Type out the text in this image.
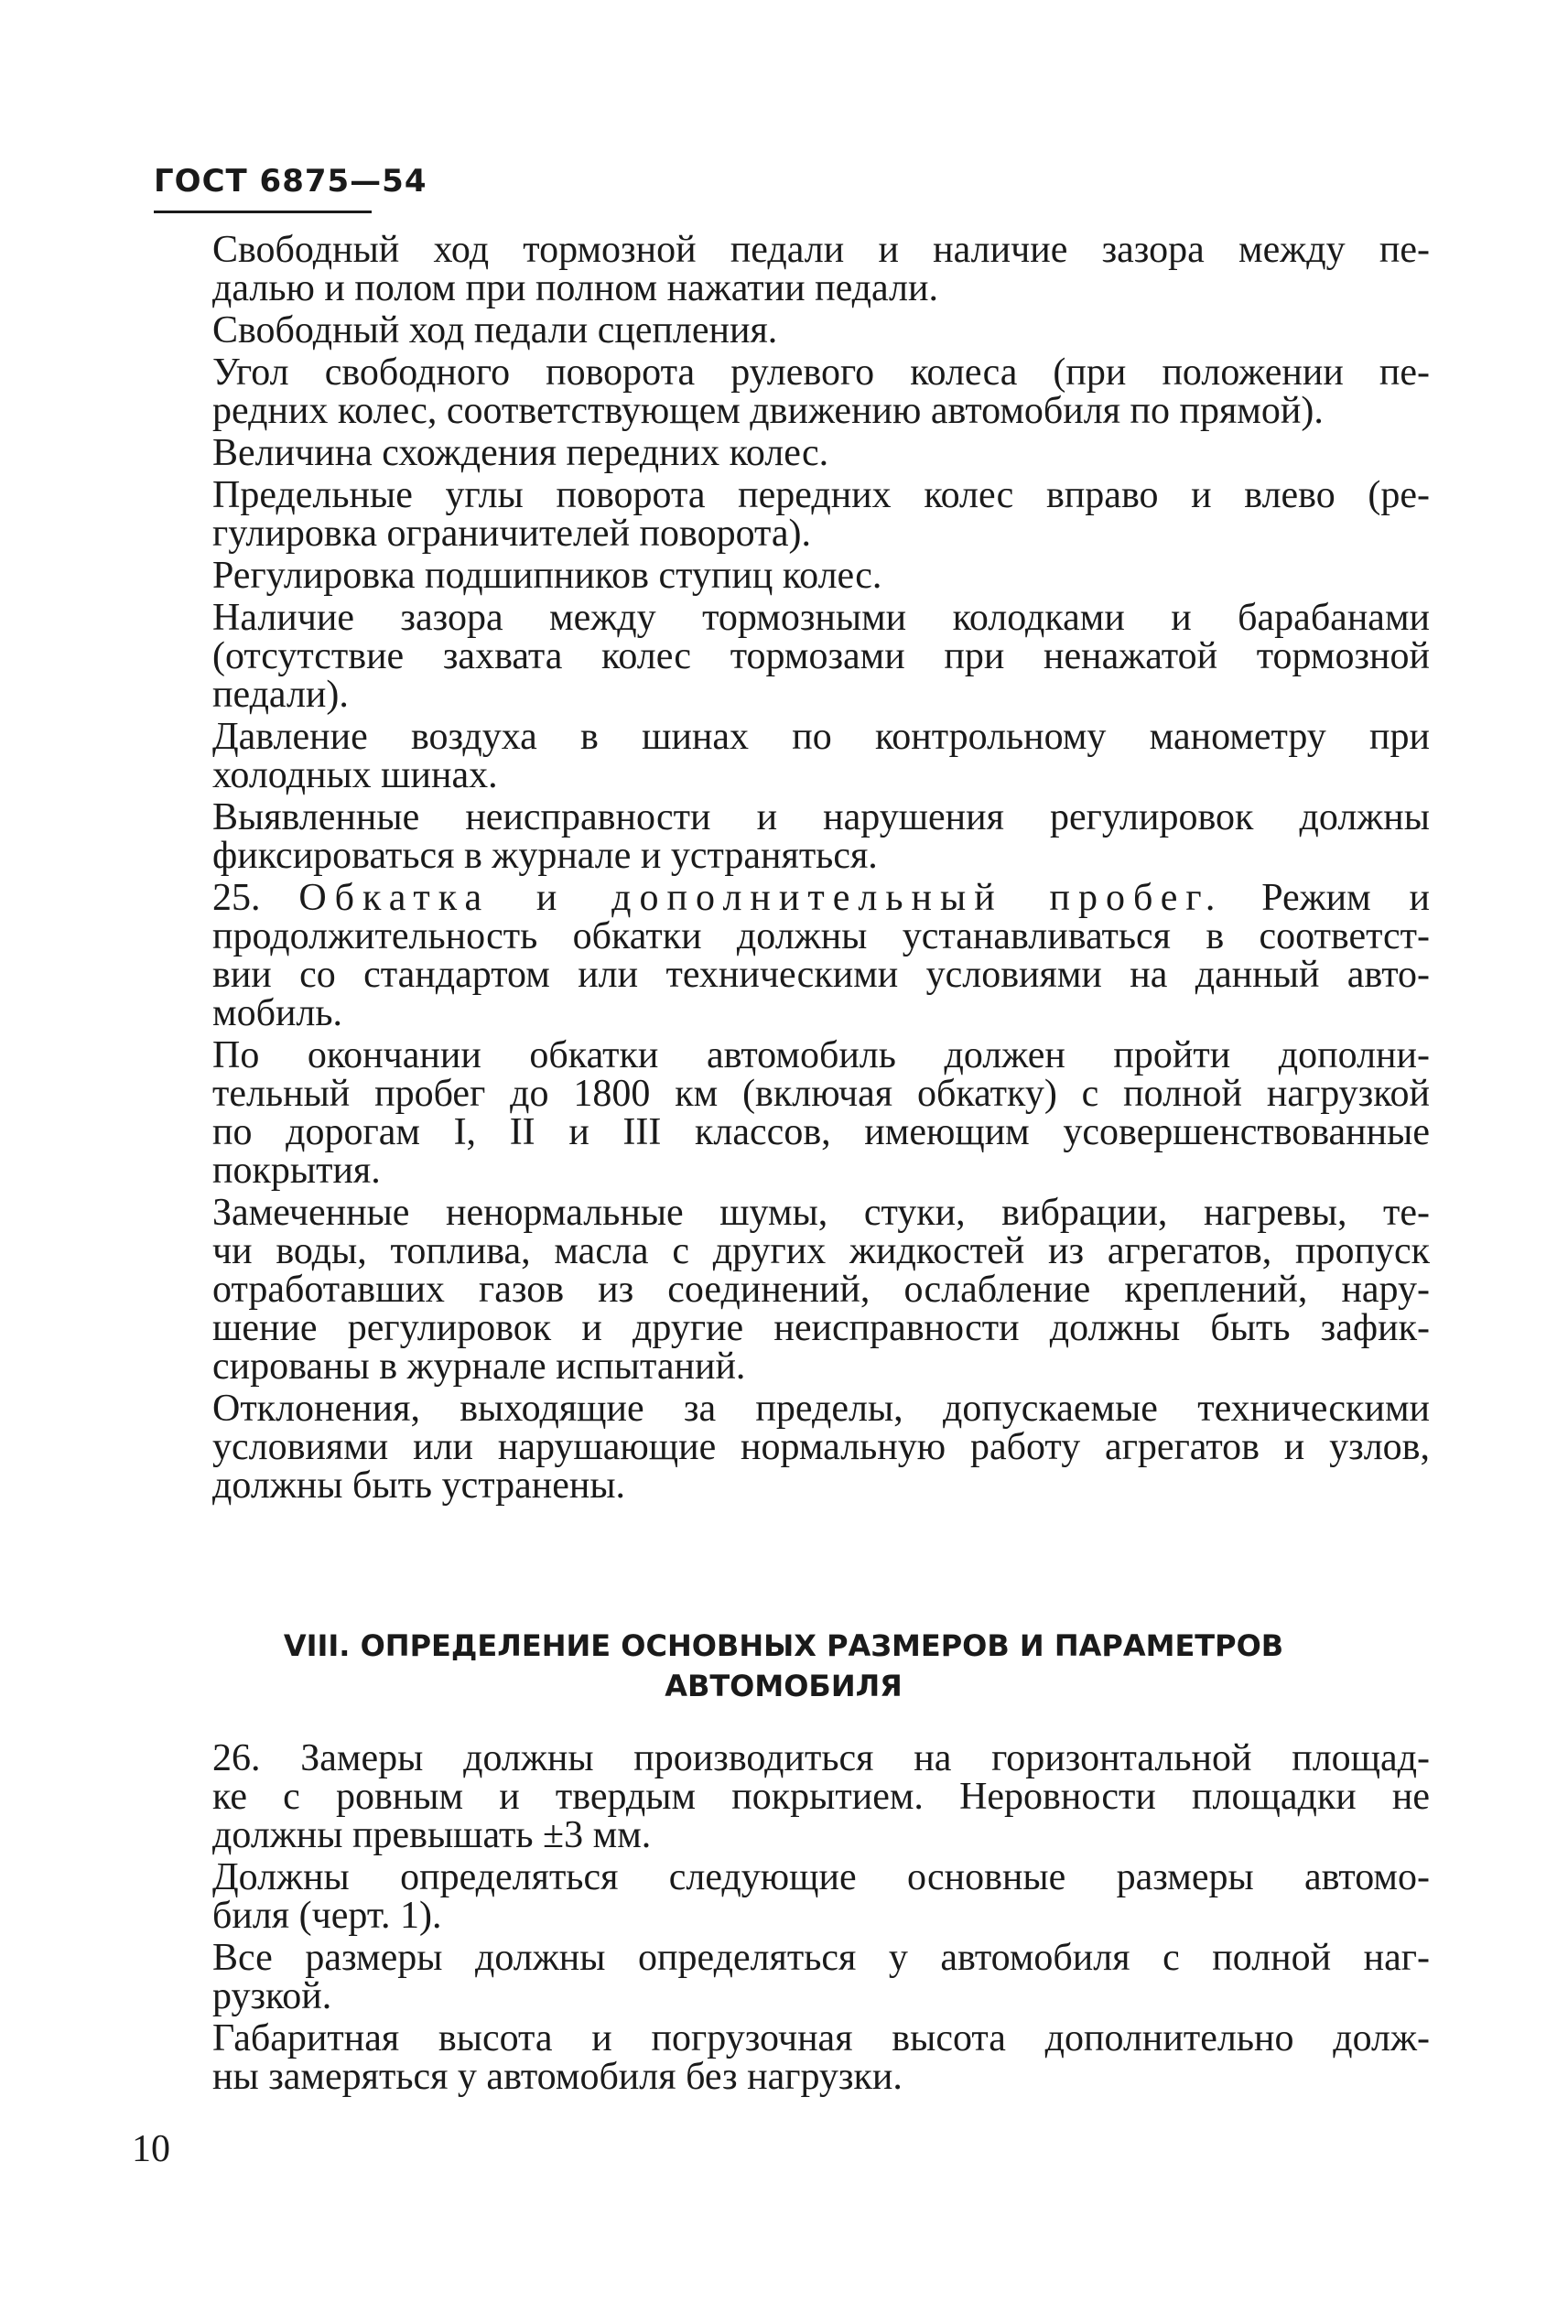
ГОСТ 6875—54
Свободный ход тормозной педали и наличие зазора между пе-
далью и полом при полном нажатии педали.
Свободный ход педали сцепления.
Угол свободного поворота рулевого колеса (при положении пе-
редних колес, соответствующем движению автомобиля по прямой).
Величина схождения передних колес.
Предельные углы поворота передних колес вправо и влево (ре-
гулировка ограничителей поворота).
Регулировка подшипников ступиц колес.
Наличие зазора между тормозными колодками и барабанами
(отсутствие захвата колес тормозами при ненажатой тормозной
педали).
Давление воздуха в шинах по контрольному манометру при
холодных шинах.
Выявленные неисправности и нарушения регулировок должны
фиксироваться в журнале и устраняться.
25. Обкатка и дополнительный пробег. Режим и
продолжительность обкатки должны устанавливаться в соответст-
вии со стандартом или техническими условиями на данный авто-
мобиль.
По окончании обкатки автомобиль должен пройти дополни-
тельный пробег до 1800 км (включая обкатку) с полной нагрузкой
по дорогам I, II и III классов, имеющим усовершенствованные
покрытия.
Замеченные ненормальные шумы, стуки, вибрации, нагревы, те-
чи воды, топлива, масла с других жидкостей из агрегатов, пропуск
отработавших газов из соединений, ослабление креплений, нару-
шение регулировок и другие неисправности должны быть зафик-
сированы в журнале испытаний.
Отклонения, выходящие за пределы, допускаемые техническими
условиями или нарушающие нормальную работу агрегатов и узлов,
должны быть устранены.
VIII. ОПРЕДЕЛЕНИЕ ОСНОВНЫХ РАЗМЕРОВ И ПАРАМЕТРОВ
АВТОМОБИЛЯ
26. Замеры должны производиться на горизонтальной площад-
ке с ровным и твердым покрытием. Неровности площадки не
должны превышать ±3 мм.
Должны определяться следующие основные размеры автомо-
биля (черт. 1).
Все размеры должны определяться у автомобиля с полной наг-
рузкой.
Габаритная высота и погрузочная высота дополнительно долж-
ны замеряться у автомобиля без нагрузки.
10
